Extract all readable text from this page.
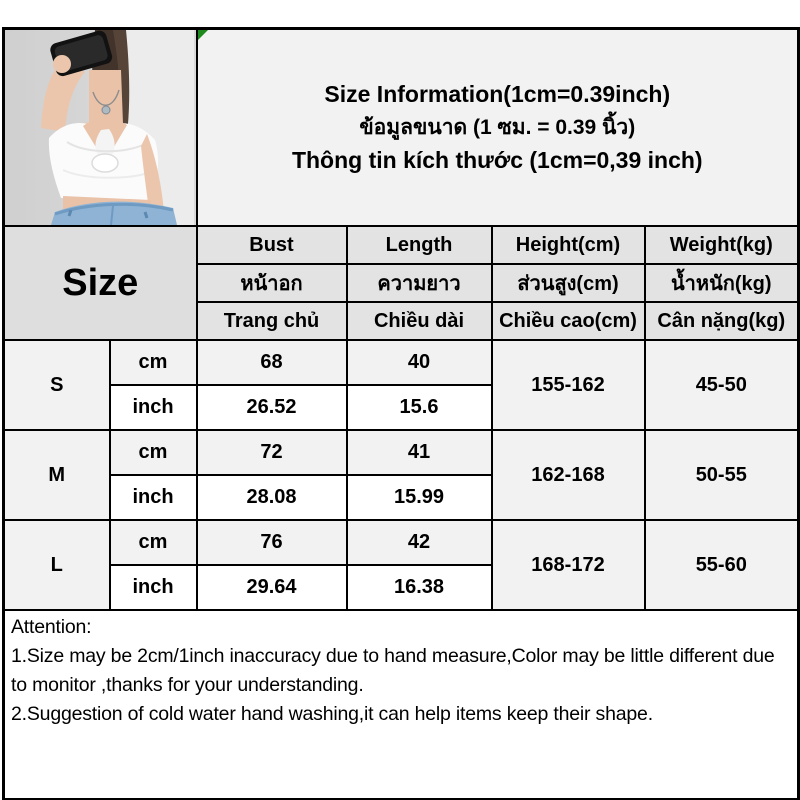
Size Information(1cm=0.39inch)
ข้อมูลขนาด (1 ซม. = 0.39 นิ้ว)
Thông tin kích thước (1cm=0,39 inch)			

Size		Bust	Length	Height(cm)	Weight(kg)
		หน้าอก	ความยาว	ส่วนสูง(cm)	น้ำหนัก(kg)
		Trang chủ	Chiều dài	Chiều cao(cm)	Cân nặng(kg)
S	cm	68	40	155-162	45-50
	inch	26.52	15.6		
M	cm	72	41	162-168	50-55
	inch	28.08	15.99		
L	cm	76	42	168-172	55-60
	inch	29.64	16.38		

Attention:
1.Size may be 2cm/1inch inaccuracy due to hand measure,Color may be little different due to monitor ,thanks for your understanding.
2.Suggestion of cold water hand washing,it can help items keep their shape.					
